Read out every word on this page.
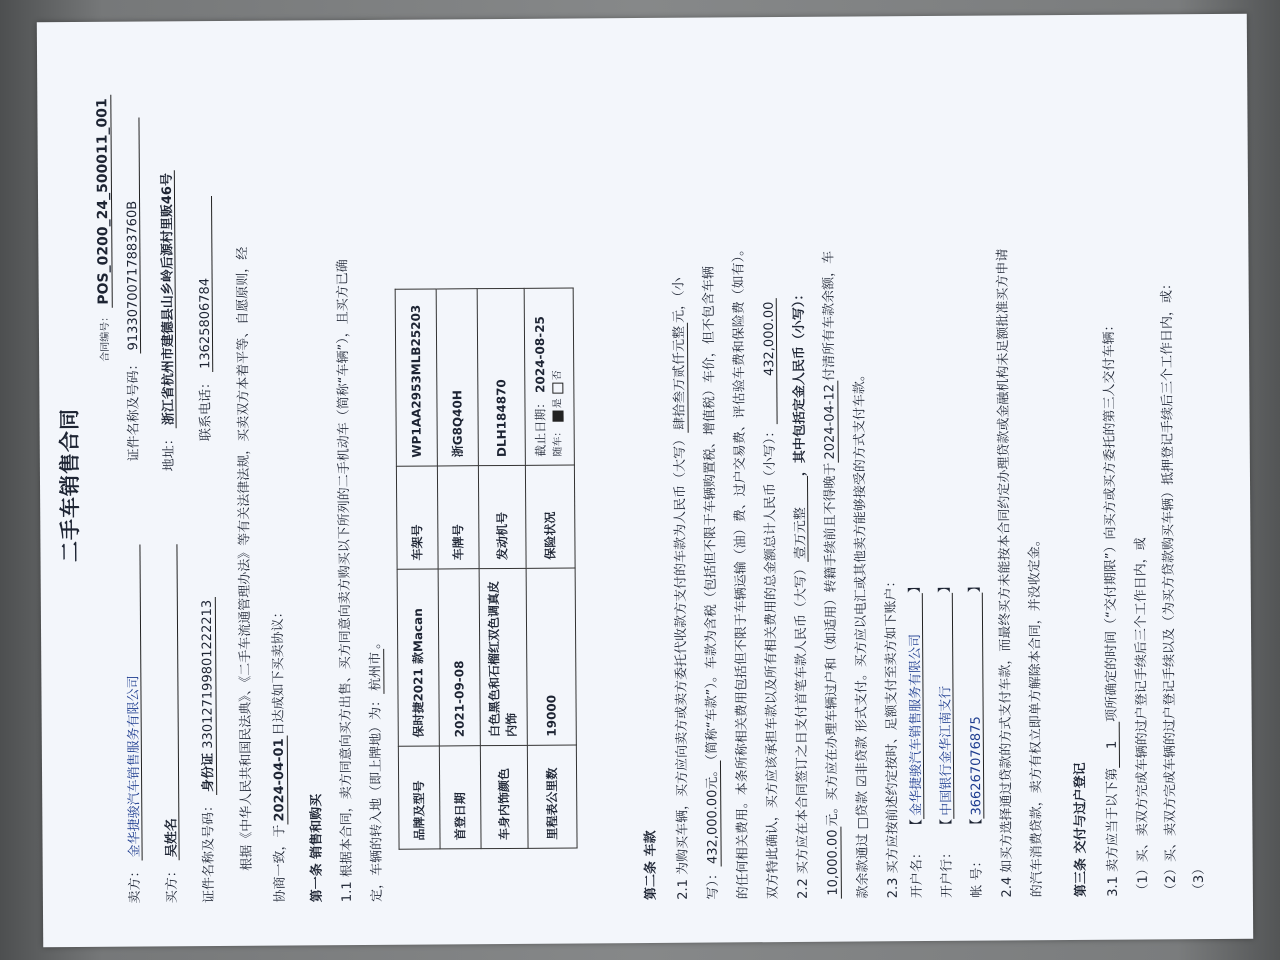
二手车销售合同
合同编号： POS_0200_24_500011_001
卖方： 金华捷骏汽车销售服务有限公司
证件名称及号码： 91330700717883760B
买方： 吴姓名
地址： 浙江省杭州市建德县山乡岭后源村里贩46号
证件名称及号码： 身份证 330127199801222213
联系电话： 13625806784 根据《中华人民共和国民法典》、《二手车流通管理办法》等有关法律法规，买卖双方本着平等、自愿原则，经 协商一致，于2024-04-01日达成如下买卖协议：
第一条 销售和购买 1.1 根据本合同，卖方同意向买方出售、买方同意向卖方购买以下所列的二手机动车（简称“车辆”），且买方已确 定，车辆的转入地（即上牌地）为：杭州市。
品牌及型号	保时捷2021 款Macan	车架号	WP1AA2953MLB25203
首登日期	2021-09-08	车牌号	浙G8Q40H
车身内饰颜色	白色黑色和石榴红双色调真皮内饰	发动机号	DLH184870
里程表公里数	19000	保险状况	截止日期： 2024-08-25
随车： 是 否
第二条 车款 2.1 为购买车辆，买方应向卖方或卖方委托代收款方支付的车款为人民币（大写）肆拾叁万贰仟元整元，（小
写）：432,000.00元。（简称“车款”）。车款为含税（包括但不限于车辆购置税、增值税）车价，但不包含车辆 的任何相关费用。本条所称相关费用包括但不限于车辆运输（油）费、过户交易费、评估验车费和保险费（如有）。 双方特此确认，买方应该承担车款以及所有相关费用的总金额总计人民币（小写）：432,000.00
2.2 买方应在本合同签订之日支付首笔车款人民币（大写）壹万元整，其中包括定金人民币（小写）：
10,000.00元。买方应在办理车辆过户和（如适用）转籍手续前且不得晚于2024-04-12付清所有车款余额，车
款余款通过 □贷款 ☑非贷款 形式支付。买方应以电汇或其他卖方能够接受的方式支付车款。 2.3 买方应按前述约定按时、足额支付至卖方如下账户： 开户名： 【金华捷骏汽车销售服务有限公司】
开户行： 【中国银行金华江南支行】
帐 号： 【366267076875】 2.4 如买方选择通过贷款的方式支付车款，而最终买方未能按本合同约定办理贷款或金融机构未足额批准买方申请 的汽车消费贷款，卖方有权立即单方解除本合同，并没收定金。 第三条 交付与过户登记 3.1 卖方应当于以下第1项所确定的时间（“交付期限”）向买方或买方委托的第三人交付车辆： （1）买、卖双方完成车辆的过户登记手续后三个工作日内，或 （2）买、卖双方完成车辆的过户登记手续以及（为买方贷款购买车辆）抵押登记手续后三个工作日内，或： （3）
